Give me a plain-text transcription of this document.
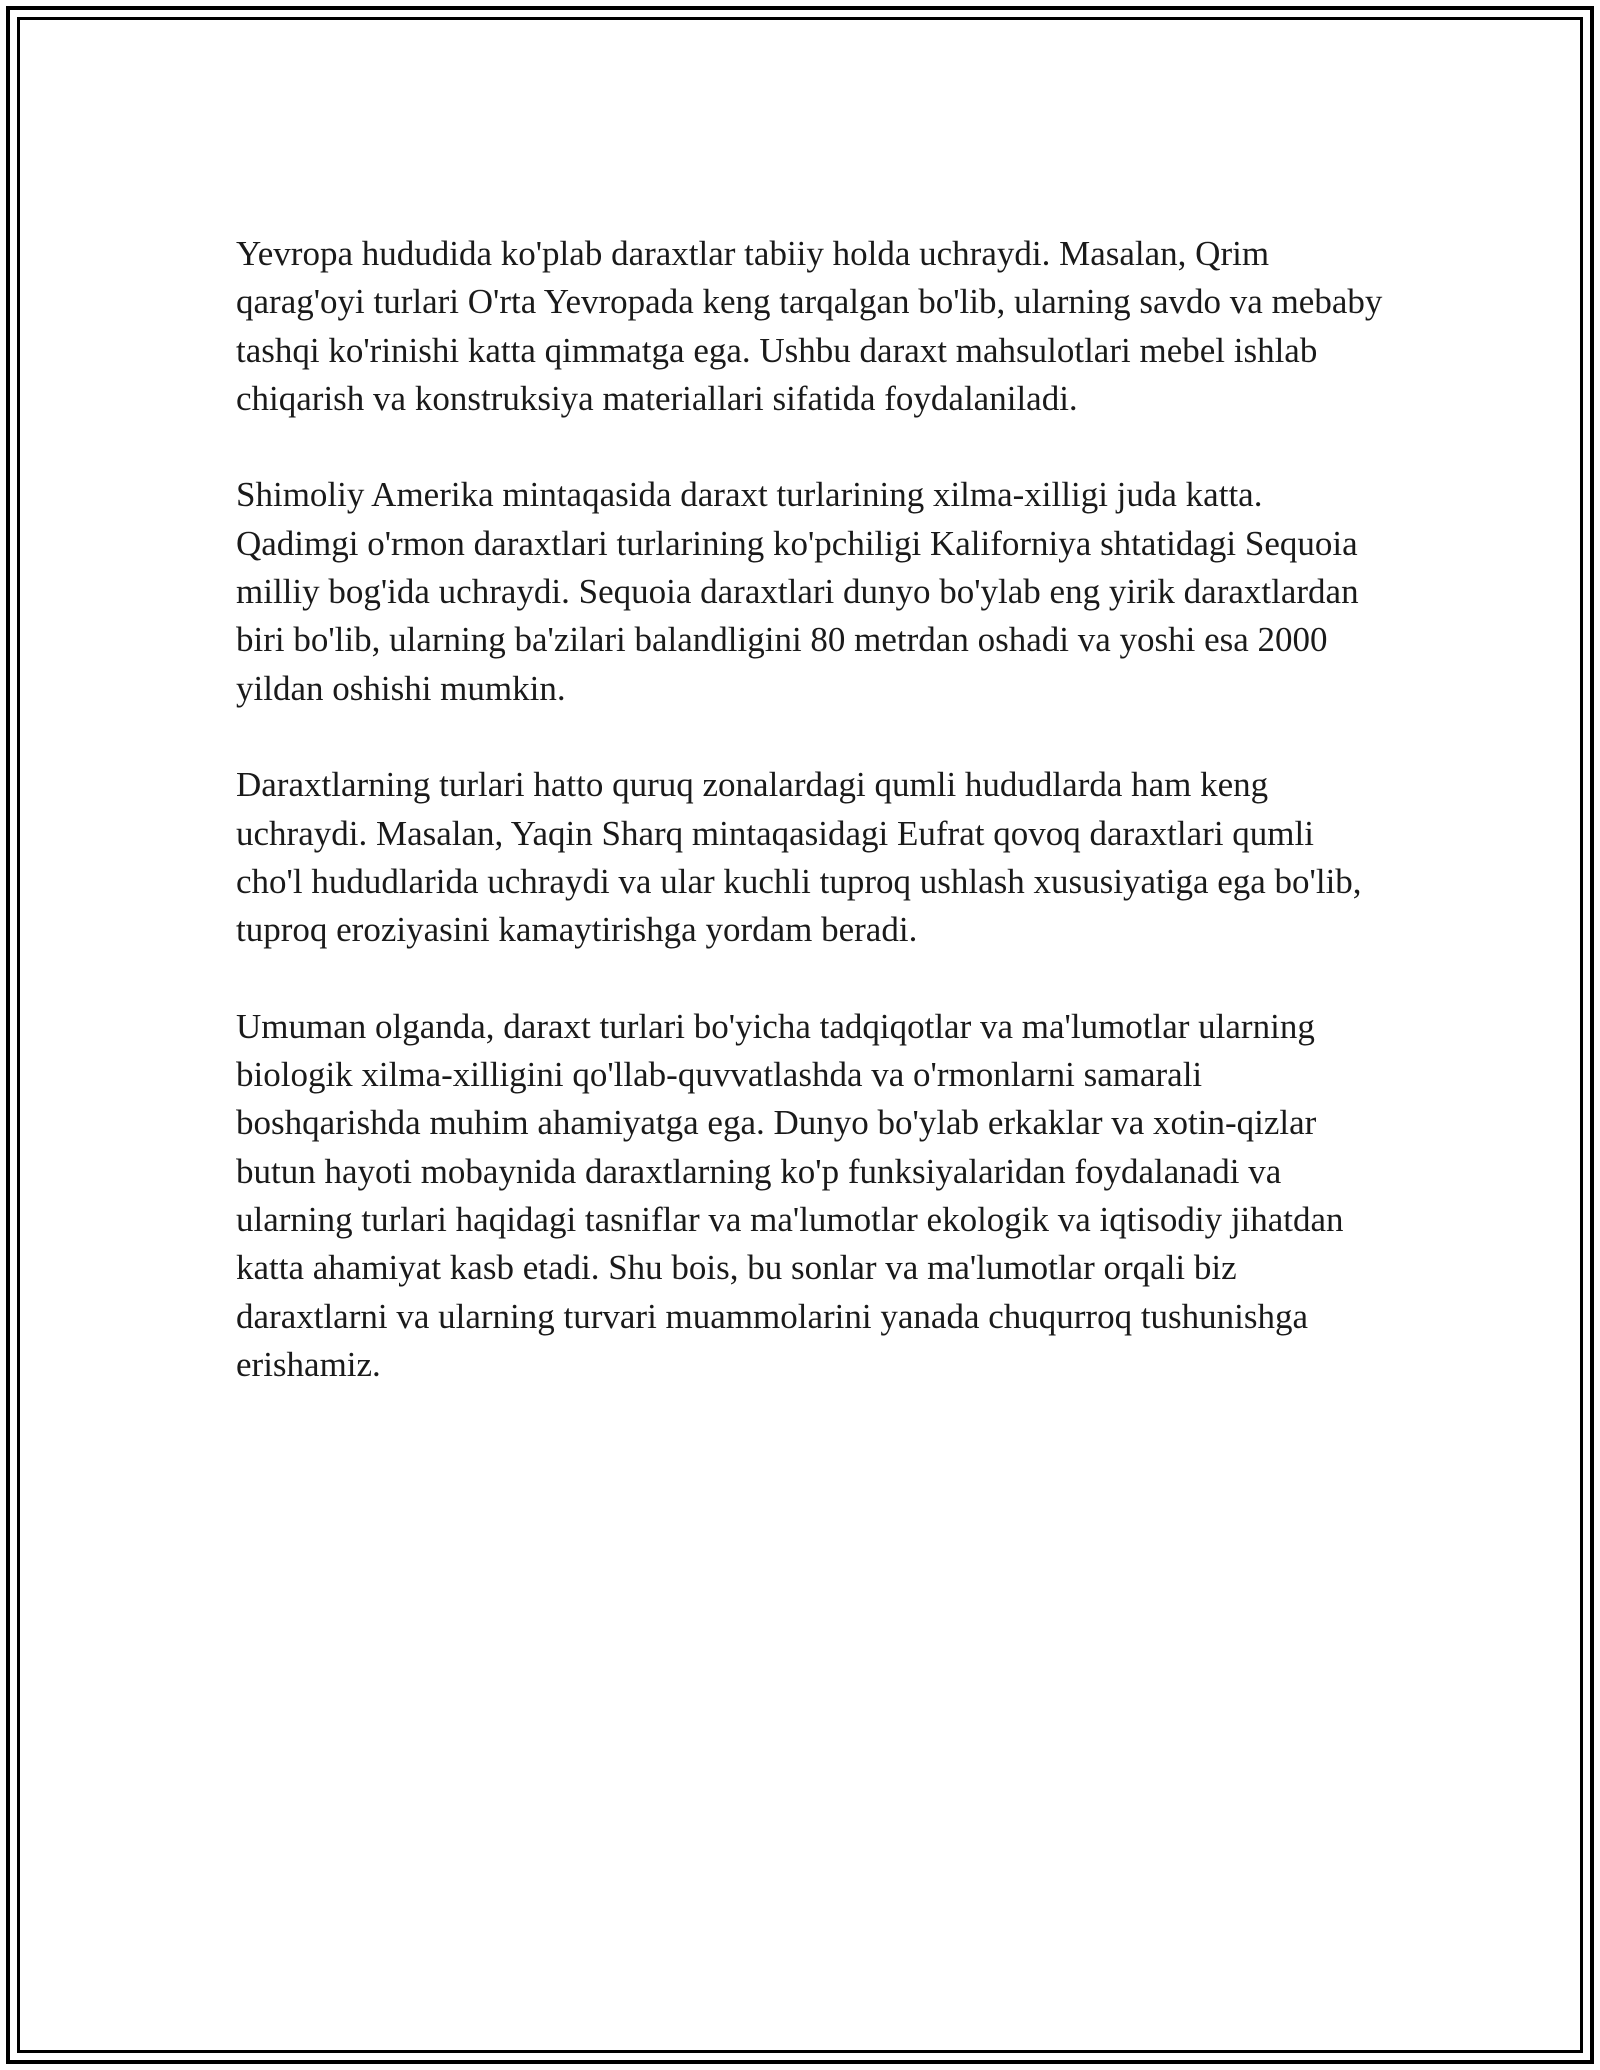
Yevropa hududida ko'plab daraxtlar tabiiy holda uchraydi. Masalan, Qrim qarag'oyi turlari O'rta Yevropada keng tarqalgan bo'lib, ularning savdo va mebaby tashqi ko'rinishi katta qimmatga ega. Ushbu daraxt mahsulotlari mebel ishlab chiqarish va konstruksiya materiallari sifatida foydalaniladi.

Shimoliy Amerika mintaqasida daraxt turlarining xilma-xilligi juda katta. Qadimgi o'rmon daraxtlari turlarining ko'pchiligi Kaliforniya shtatidagi Sequoia milliy bog'ida uchraydi. Sequoia daraxtlari dunyo bo'ylab eng yirik daraxtlardan biri bo'lib, ularning ba'zilari balandligini 80 metrdan oshadi va yoshi esa 2000 yildan oshishi mumkin.

Daraxtlarning turlari hatto quruq zonalardagi qumli hududlarda ham keng uchraydi. Masalan, Yaqin Sharq mintaqasidagi Eufrat qovoq daraxtlari qumli cho'l hududlarida uchraydi va ular kuchli tuproq ushlash xususiyatiga ega bo'lib, tuproq eroziyasini kamaytirishga yordam beradi.

Umuman olganda, daraxt turlari bo'yicha tadqiqotlar va ma'lumotlar ularning biologik xilma-xilligini qo'llab-quvvatlashda va o'rmonlarni samarali boshqarishda muhim ahamiyatga ega. Dunyo bo'ylab erkaklar va xotin-qizlar butun hayoti mobaynida daraxtlarning ko'p funksiyalaridan foydalanadi va ularning turlari haqidagi tasniflar va ma'lumotlar ekologik va iqtisodiy jihatdan katta ahamiyat kasb etadi. Shu bois, bu sonlar va ma'lumotlar orqali biz daraxtlarni va ularning turvari muammolarini yanada chuqurroq tushunishga erishamiz.
